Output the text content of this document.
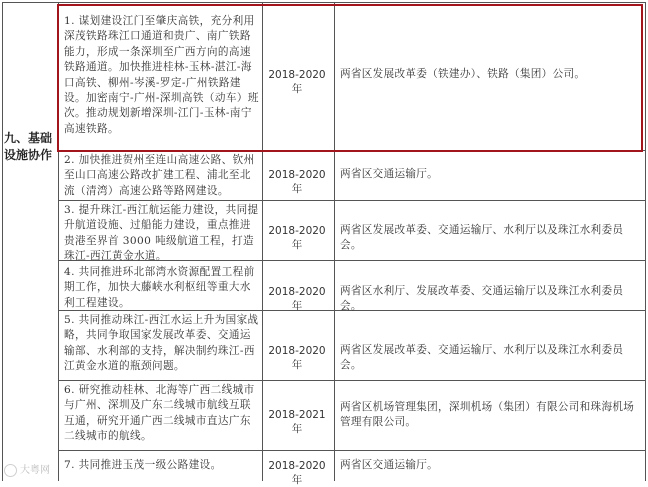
九、基础设施协作
1. 谋划建设江门至肇庆高铁，充分利用深茂铁路珠江口通道和贵广、南广铁路能力，形成一条深圳至广西方向的高速铁路通道。加快推进桂林-玉林-湛江-海口高铁、柳州-岑溪-罗定-广州铁路建设。加密南宁-广州-深圳高铁（动车）班次。推动规划新增深圳-江门-玉林-南宁高速铁路。
2018-2020 年
两省区发展改革委（铁建办）、铁路（集团）公司。
2. 加快推进贺州至连山高速公路、钦州至山口高速公路改扩建工程、浦北至北流（清湾）高速公路等路网建设。
2018-2020 年
两省区交通运输厅。
3. 提升珠江-西江航运能力建设，共同提升航道设施、过船能力建设，重点推进贵港至界首 3000 吨级航道工程，打造珠江-西江黄金水道。
2018-2020 年
两省区发展改革委、交通运输厅、水利厅以及珠江水利委员会。
4. 共同推进环北部湾水资源配置工程前期工作，加快大藤峡水利枢纽等重大水利工程建设。
2018-2020 年
两省区水利厅、发展改革委、交通运输厅以及珠江水利委员会。
5. 共同推动珠江-西江水运上升为国家战略，共同争取国家发展改革委、交通运输部、水利部的支持，解决制约珠江-西江黄金水道的瓶颈问题。
2018-2020 年
两省区发展改革委、交通运输厅、水利厅以及珠江水利委员会。
6. 研究推动桂林、北海等广西二线城市与广州、深圳及广东二线城市航线互联互通，研究开通广西二线城市直达广东二线城市的航线。
2018-2021 年
两省区机场管理集团，深圳机场（集团）有限公司和珠海机场管理有限公司。
7. 共同推进玉茂一级公路建设。	2018-2020 年
两省区交通运输厅。
大粤网
